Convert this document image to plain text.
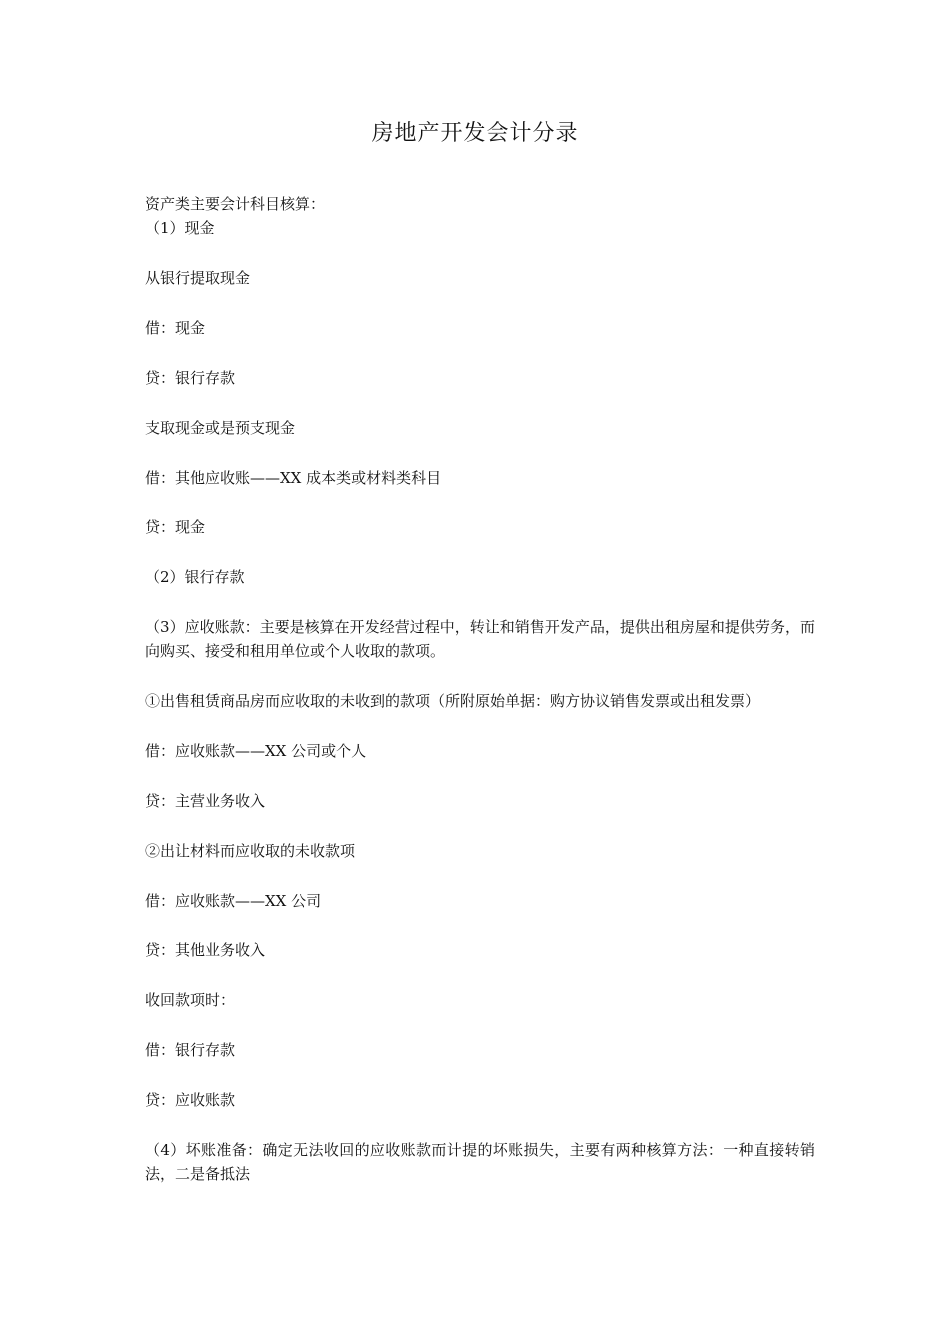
房地产开发会计分录
资产类主要会计科目核算：
（1）现金
从银行提取现金
借：现金
贷：银行存款
支取现金或是预支现金
借：其他应收账——XX 成本类或材料类科目
贷：现金
（2）银行存款
（3）应收账款：主要是核算在开发经营过程中，转让和销售开发产品，提供出租房屋和提供劳务，而向购买、接受和租用单位或个人收取的款项。
①出售租赁商品房而应收取的未收到的款项（所附原始单据：购方协议销售发票或出租发票）
借：应收账款——XX 公司或个人
贷：主营业务收入
②出让材料而应收取的未收款项
借：应收账款——XX 公司
贷：其他业务收入
收回款项时：
借：银行存款
贷：应收账款
（4）坏账准备：确定无法收回的应收账款而计提的坏账损失，主要有两种核算方法：一种直接转销法，二是备抵法
